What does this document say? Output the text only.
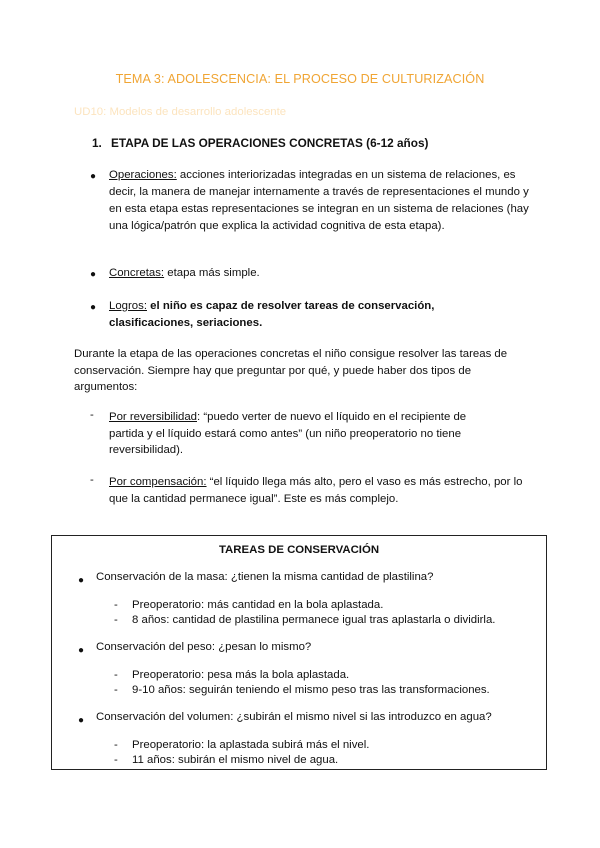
TEMA 3: ADOLESCENCIA: EL PROCESO DE CULTURIZACIÓN
UD10: Modelos de desarrollo adolescente
1. ETAPA DE LAS OPERACIONES CONCRETAS (6-12 años)
● Operaciones: acciones interiorizadas integradas en un sistema de relaciones, es decir, la manera de manejar internamente a través de representaciones el mundo y en esta etapa estas representaciones se integran en un sistema de relaciones (hay una lógica/patrón que explica la actividad cognitiva de esta etapa).
● Concretas: etapa más simple.
● Logros: el niño es capaz de resolver tareas de conservación, clasificaciones, seriaciones.
Durante la etapa de las operaciones concretas el niño consigue resolver las tareas de conservación. Siempre hay que preguntar por qué, y puede haber dos tipos de argumentos:
- Por reversibilidad: “puedo verter de nuevo el líquido en el recipiente de partida y el líquido estará como antes” (un niño preoperatorio no tiene reversibilidad).
- Por compensación: “el líquido llega más alto, pero el vaso es más estrecho, por lo que la cantidad permanece igual”. Este es más complejo.
TAREAS DE CONSERVACIÓN
● Conservación de la masa: ¿tienen la misma cantidad de plastilina?
- Preoperatorio: más cantidad en la bola aplastada.
- 8 años: cantidad de plastilina permanece igual tras aplastarla o dividirla.
● Conservación del peso: ¿pesan lo mismo?
- Preoperatorio: pesa más la bola aplastada.
- 9-10 años: seguirán teniendo el mismo peso tras las transformaciones.
● Conservación del volumen: ¿subirán el mismo nivel si las introduzco en agua?
- Preoperatorio: la aplastada subirá más el nivel.
- 11 años: subirán el mismo nivel de agua.
